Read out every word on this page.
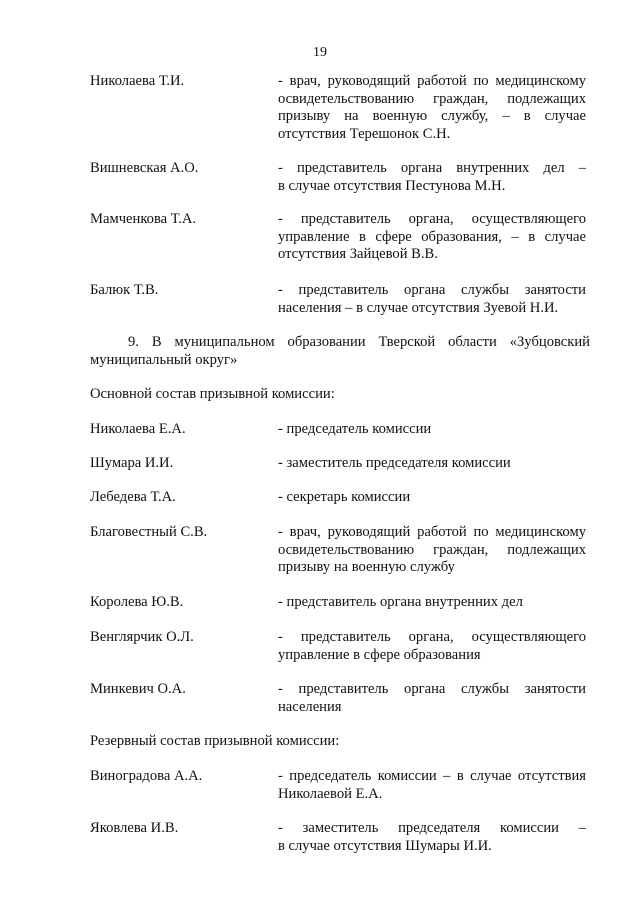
19
Николаева Т.И.	- врач, руководящий работой по медицинскому
освидетельствованию граждан, подлежащих
призыву на военную службу, – в случае
отсутствия Терешонок С.Н.
Вишневская А.О.	- представитель органа внутренних дел –
в случае отсутствия Пестунова М.Н.
Мамченкова Т.А.	- представитель органа, осуществляющего
управление в сфере образования, – в случае
отсутствия Зайцевой В.В.
Балюк Т.В.	- представитель органа службы занятости
населения – в случае отсутствия Зуевой Н.И.
9. В муниципальном образовании Тверской области «Зубцовский
муниципальный округ»
Основной состав призывной комиссии:
Николаева Е.А.	- председатель комиссии
Шумара И.И.	- заместитель председателя комиссии
Лебедева Т.А.	- секретарь комиссии
Благовестный С.В.	- врач, руководящий работой по медицинскому
освидетельствованию граждан, подлежащих
призыву на военную службу
Королева Ю.В.	- представитель органа внутренних дел
Венглярчик О.Л.	- представитель органа, осуществляющего
управление в сфере образования
Минкевич О.А.	- представитель органа службы занятости
населения
Резервный состав призывной комиссии:
Виноградова А.А.	- председатель комиссии – в случае отсутствия
Николаевой Е.А.
Яковлева И.В.	- заместитель председателя комиссии –
в случае отсутствия Шумары И.И.
